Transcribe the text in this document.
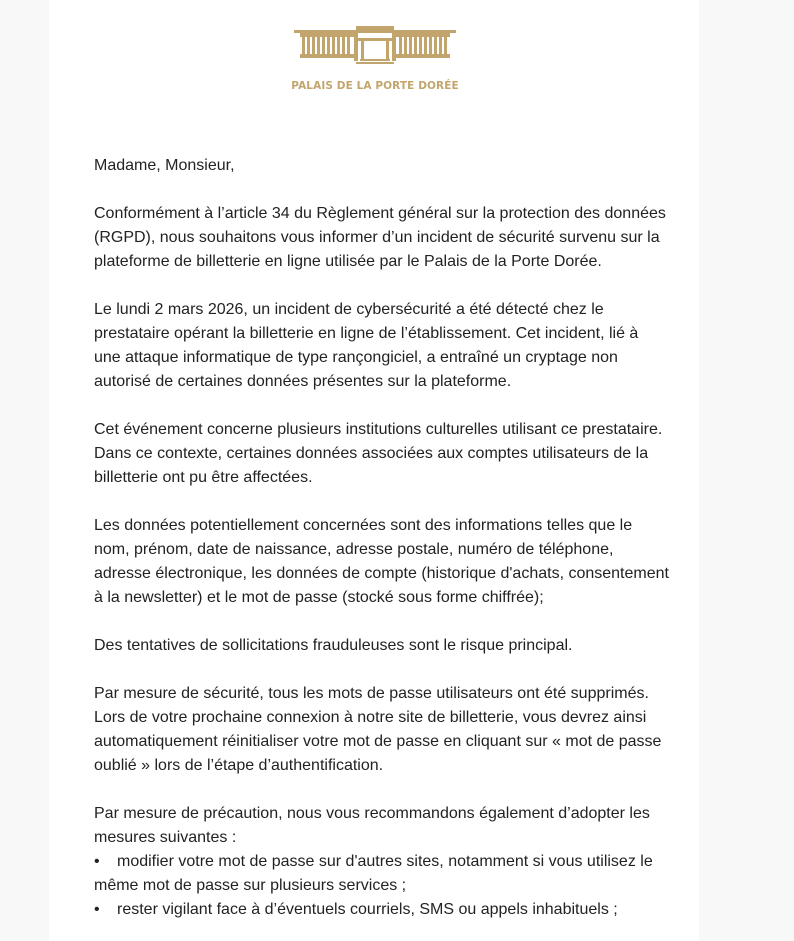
PALAIS DE LA PORTE DORÉE

Madame, Monsieur,

Conformément à l’article 34 du Règlement général sur la protection des données (RGPD), nous souhaitons vous informer d’un incident de sécurité survenu sur la plateforme de billetterie en ligne utilisée par le Palais de la Porte Dorée.

Le lundi 2 mars 2026, un incident de cybersécurité a été détecté chez le prestataire opérant la billetterie en ligne de l’établissement. Cet incident, lié à une attaque informatique de type rançongiciel, a entraîné un cryptage non autorisé de certaines données présentes sur la plateforme.

Cet événement concerne plusieurs institutions culturelles utilisant ce prestataire. Dans ce contexte, certaines données associées aux comptes utilisateurs de la billetterie ont pu être affectées.

Les données potentiellement concernées sont des informations telles que le nom, prénom, date de naissance, adresse postale, numéro de téléphone, adresse électronique, les données de compte (historique d'achats, consentement à la newsletter) et le mot de passe (stocké sous forme chiffrée);

Des tentatives de sollicitations frauduleuses sont le risque principal.

Par mesure de sécurité, tous les mots de passe utilisateurs ont été supprimés. Lors de votre prochaine connexion à notre site de billetterie, vous devrez ainsi automatiquement réinitialiser votre mot de passe en cliquant sur « mot de passe oublié » lors de l’étape d’authentification.

Par mesure de précaution, nous vous recommandons également d’adopter les mesures suivantes :

• modifier votre mot de passe sur d'autres sites, notamment si vous utilisez le même mot de passe sur plusieurs services ;
• rester vigilant face à d’éventuels courriels, SMS ou appels inhabituels ;
